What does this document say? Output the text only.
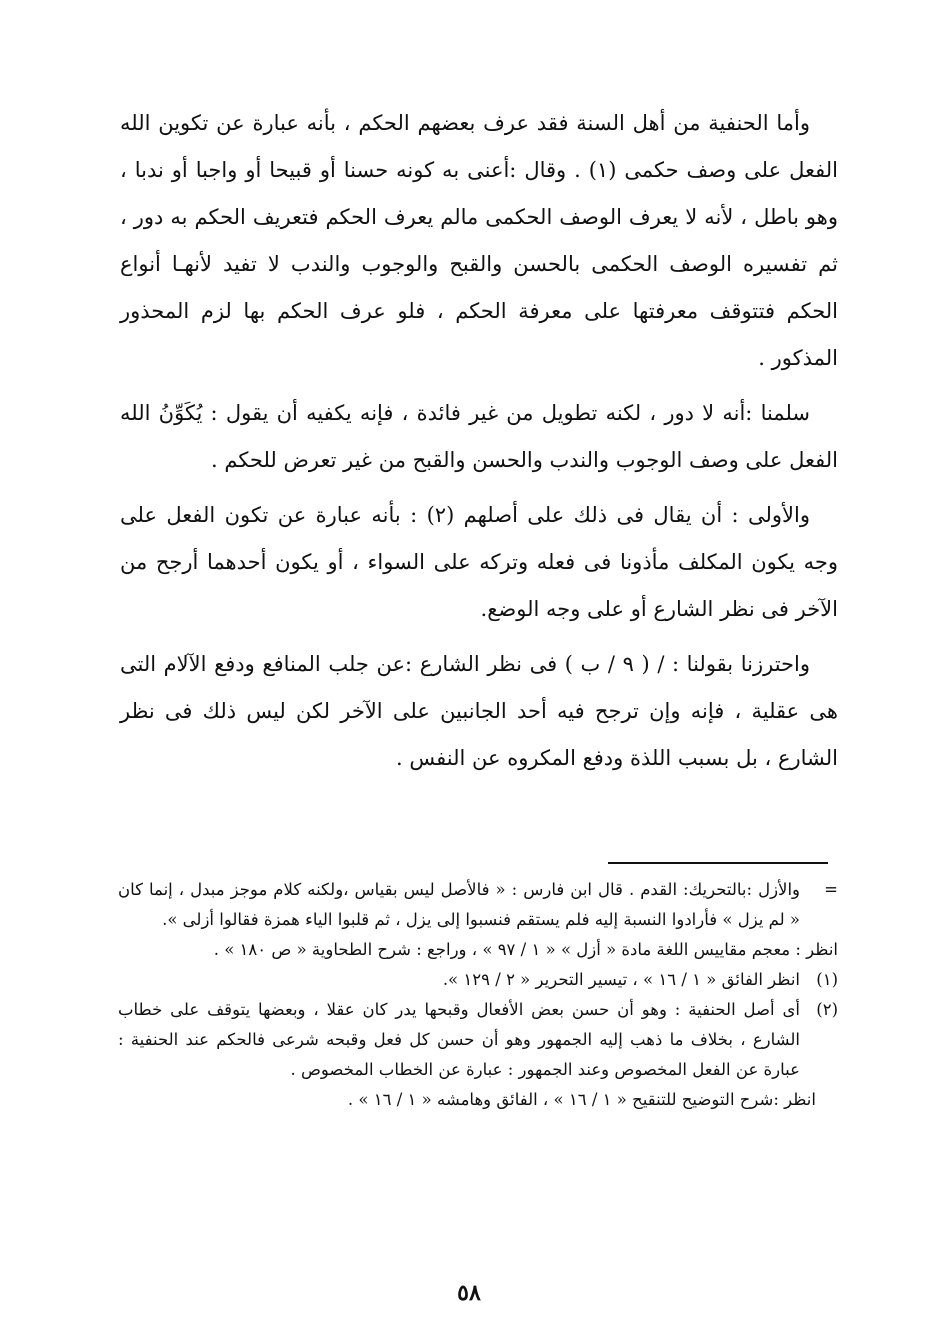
وأما الحنفية من أهل السنة فقد عرف بعضهم الحكم ، بأنه عبارة عن تكوين الله الفعل على وصف حكمى (١) . وقال :أعنى به كونه حسنا أو قبيحا أو واجبا أو ندبا ، وهو باطل ، لأنه لا يعرف الوصف الحكمى مالم يعرف الحكم فتعريف الحكم به دور ، ثم تفسيره الوصف الحكمى بالحسن والقبح والوجوب والندب لا تفيد لأنهـا أنواع الحكم فتتوقف معرفتها على معرفة الحكم ، فلو عرف الحكم بها لزم المحذور المذكور .

سلمنا :أنه لا دور ، لكنه تطويل من غير فائدة ، فإنه يكفيه أن يقول : يُكَوِّنُ الله الفعل على وصف الوجوب والندب والحسن والقبح من غير تعرض للحكم .

والأولى : أن يقال فى ذلك على أصلهم (٢) : بأنه عبارة عن تكون الفعل على وجه يكون المكلف مأذونا فى فعله وتركه على السواء ، أو يكون أحدهما أرجح من الآخر فى نظر الشارع أو على وجه الوضع.

واحترزنا بقولنا : / ( ٩ / ب ) فى نظر الشارع :عن جلب المنافع ودفع الآلام التى هى عقلية ، فإنه وإن ترجح فيه أحد الجانبين على الآخر لكن ليس ذلك فى نظر الشارع ، بل بسبب اللذة ودفع المكروه عن النفس .

=
والأزل :بالتحريك: القدم . قال ابن فارس : « فالأصل ليس بقياس ،ولكنه كلام موجز مبدل ، إنما كان « لم يزل » فأرادوا النسبة إليه فلم يستقم فنسبوا إلى يزل ، ثم قلبوا الياء همزة فقالوا أزلى ».
انظر : معجم مقاييس اللغة مادة « أزل » « ١ / ٩٧ » ، وراجع : شرح الطحاوية « ص ١٨٠ » .
(١)
انظر الفائق « ١ / ١٦ » ، تيسير التحرير « ٢ / ١٢٩ ».
(٢)
أى أصل الحنفية : وهو أن حسن بعض الأفعال وقبحها يدر كان عقلا ، وبعضها يتوقف على خطاب الشارع ، بخلاف ما ذهب إليه الجمهور وهو أن حسن كل فعل وقبحه شرعى فالحكم عند الحنفية : عبارة عن الفعل المخصوص وعند الجمهور : عبارة عن الخطاب المخصوص .
انظر :شرح التوضيح للتنقيح « ١ / ١٦ » ، الفائق وهامشه « ١ / ١٦ » .
٥٨
